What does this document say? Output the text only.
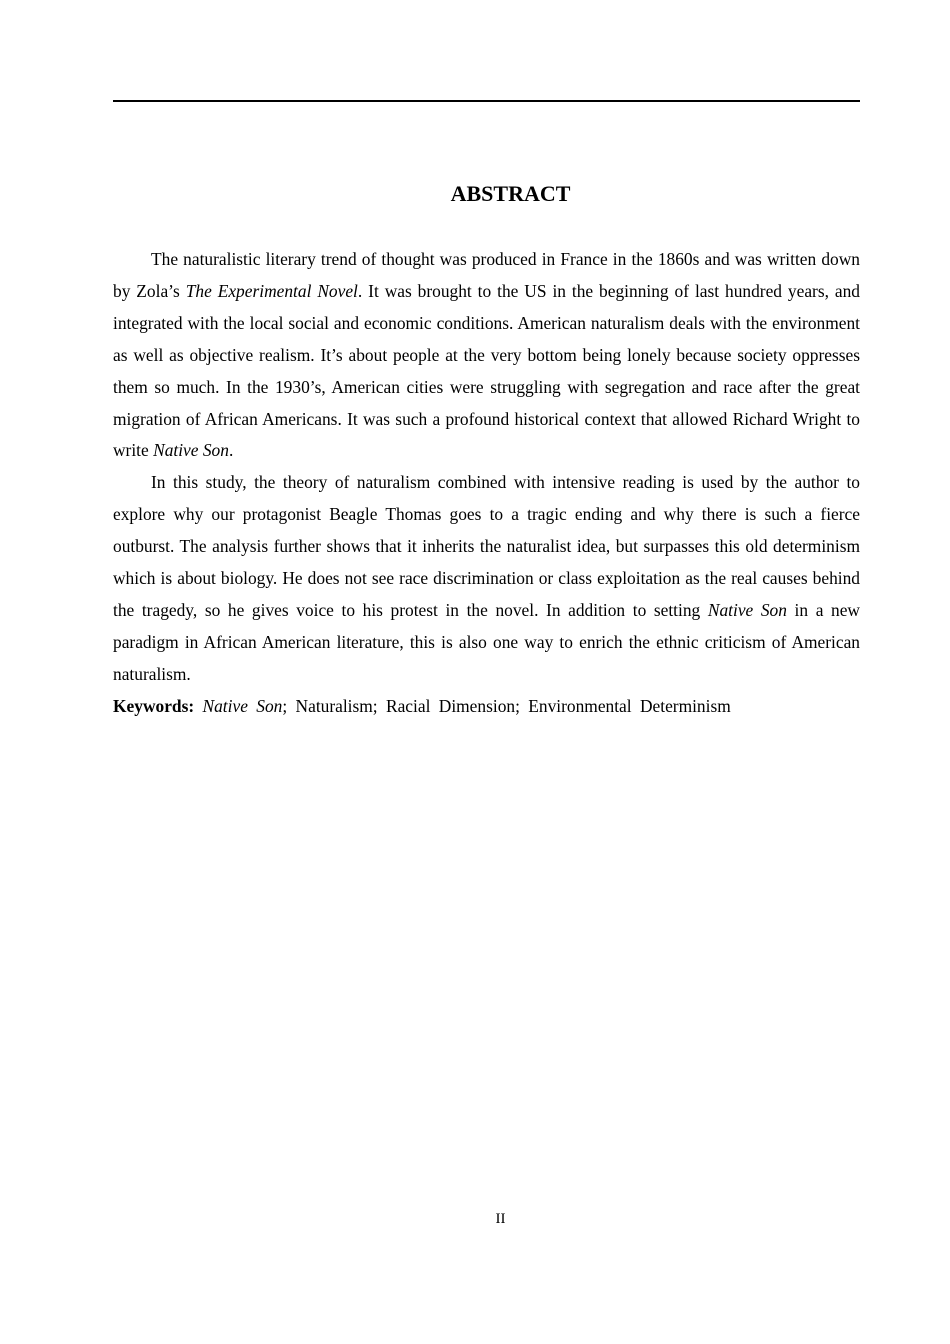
ABSTRACT

The naturalistic literary trend of thought was produced in France in the 1860s and was written down by Zola’s The Experimental Novel. It was brought to the US in the beginning of last hundred years, and integrated with the local social and economic conditions. American naturalism deals with the environment as well as objective realism. It’s about people at the very bottom being lonely because society oppresses them so much. In the 1930’s, American cities were struggling with segregation and race after the great migration of African Americans. It was such a profound historical context that allowed Richard Wright to write Native Son.

In this study, the theory of naturalism combined with intensive reading is used by the author to explore why our protagonist Beagle Thomas goes to a tragic ending and why there is such a fierce outburst. The analysis further shows that it inherits the naturalist idea, but surpasses this old determinism which is about biology. He does not see race discrimination or class exploitation as the real causes behind the tragedy, so he gives voice to his protest in the novel. In addition to setting Native Son in a new paradigm in African American literature, this is also one way to enrich the ethnic criticism of American naturalism.

Keywords: Native Son; Naturalism; Racial Dimension; Environmental Determinism

II
